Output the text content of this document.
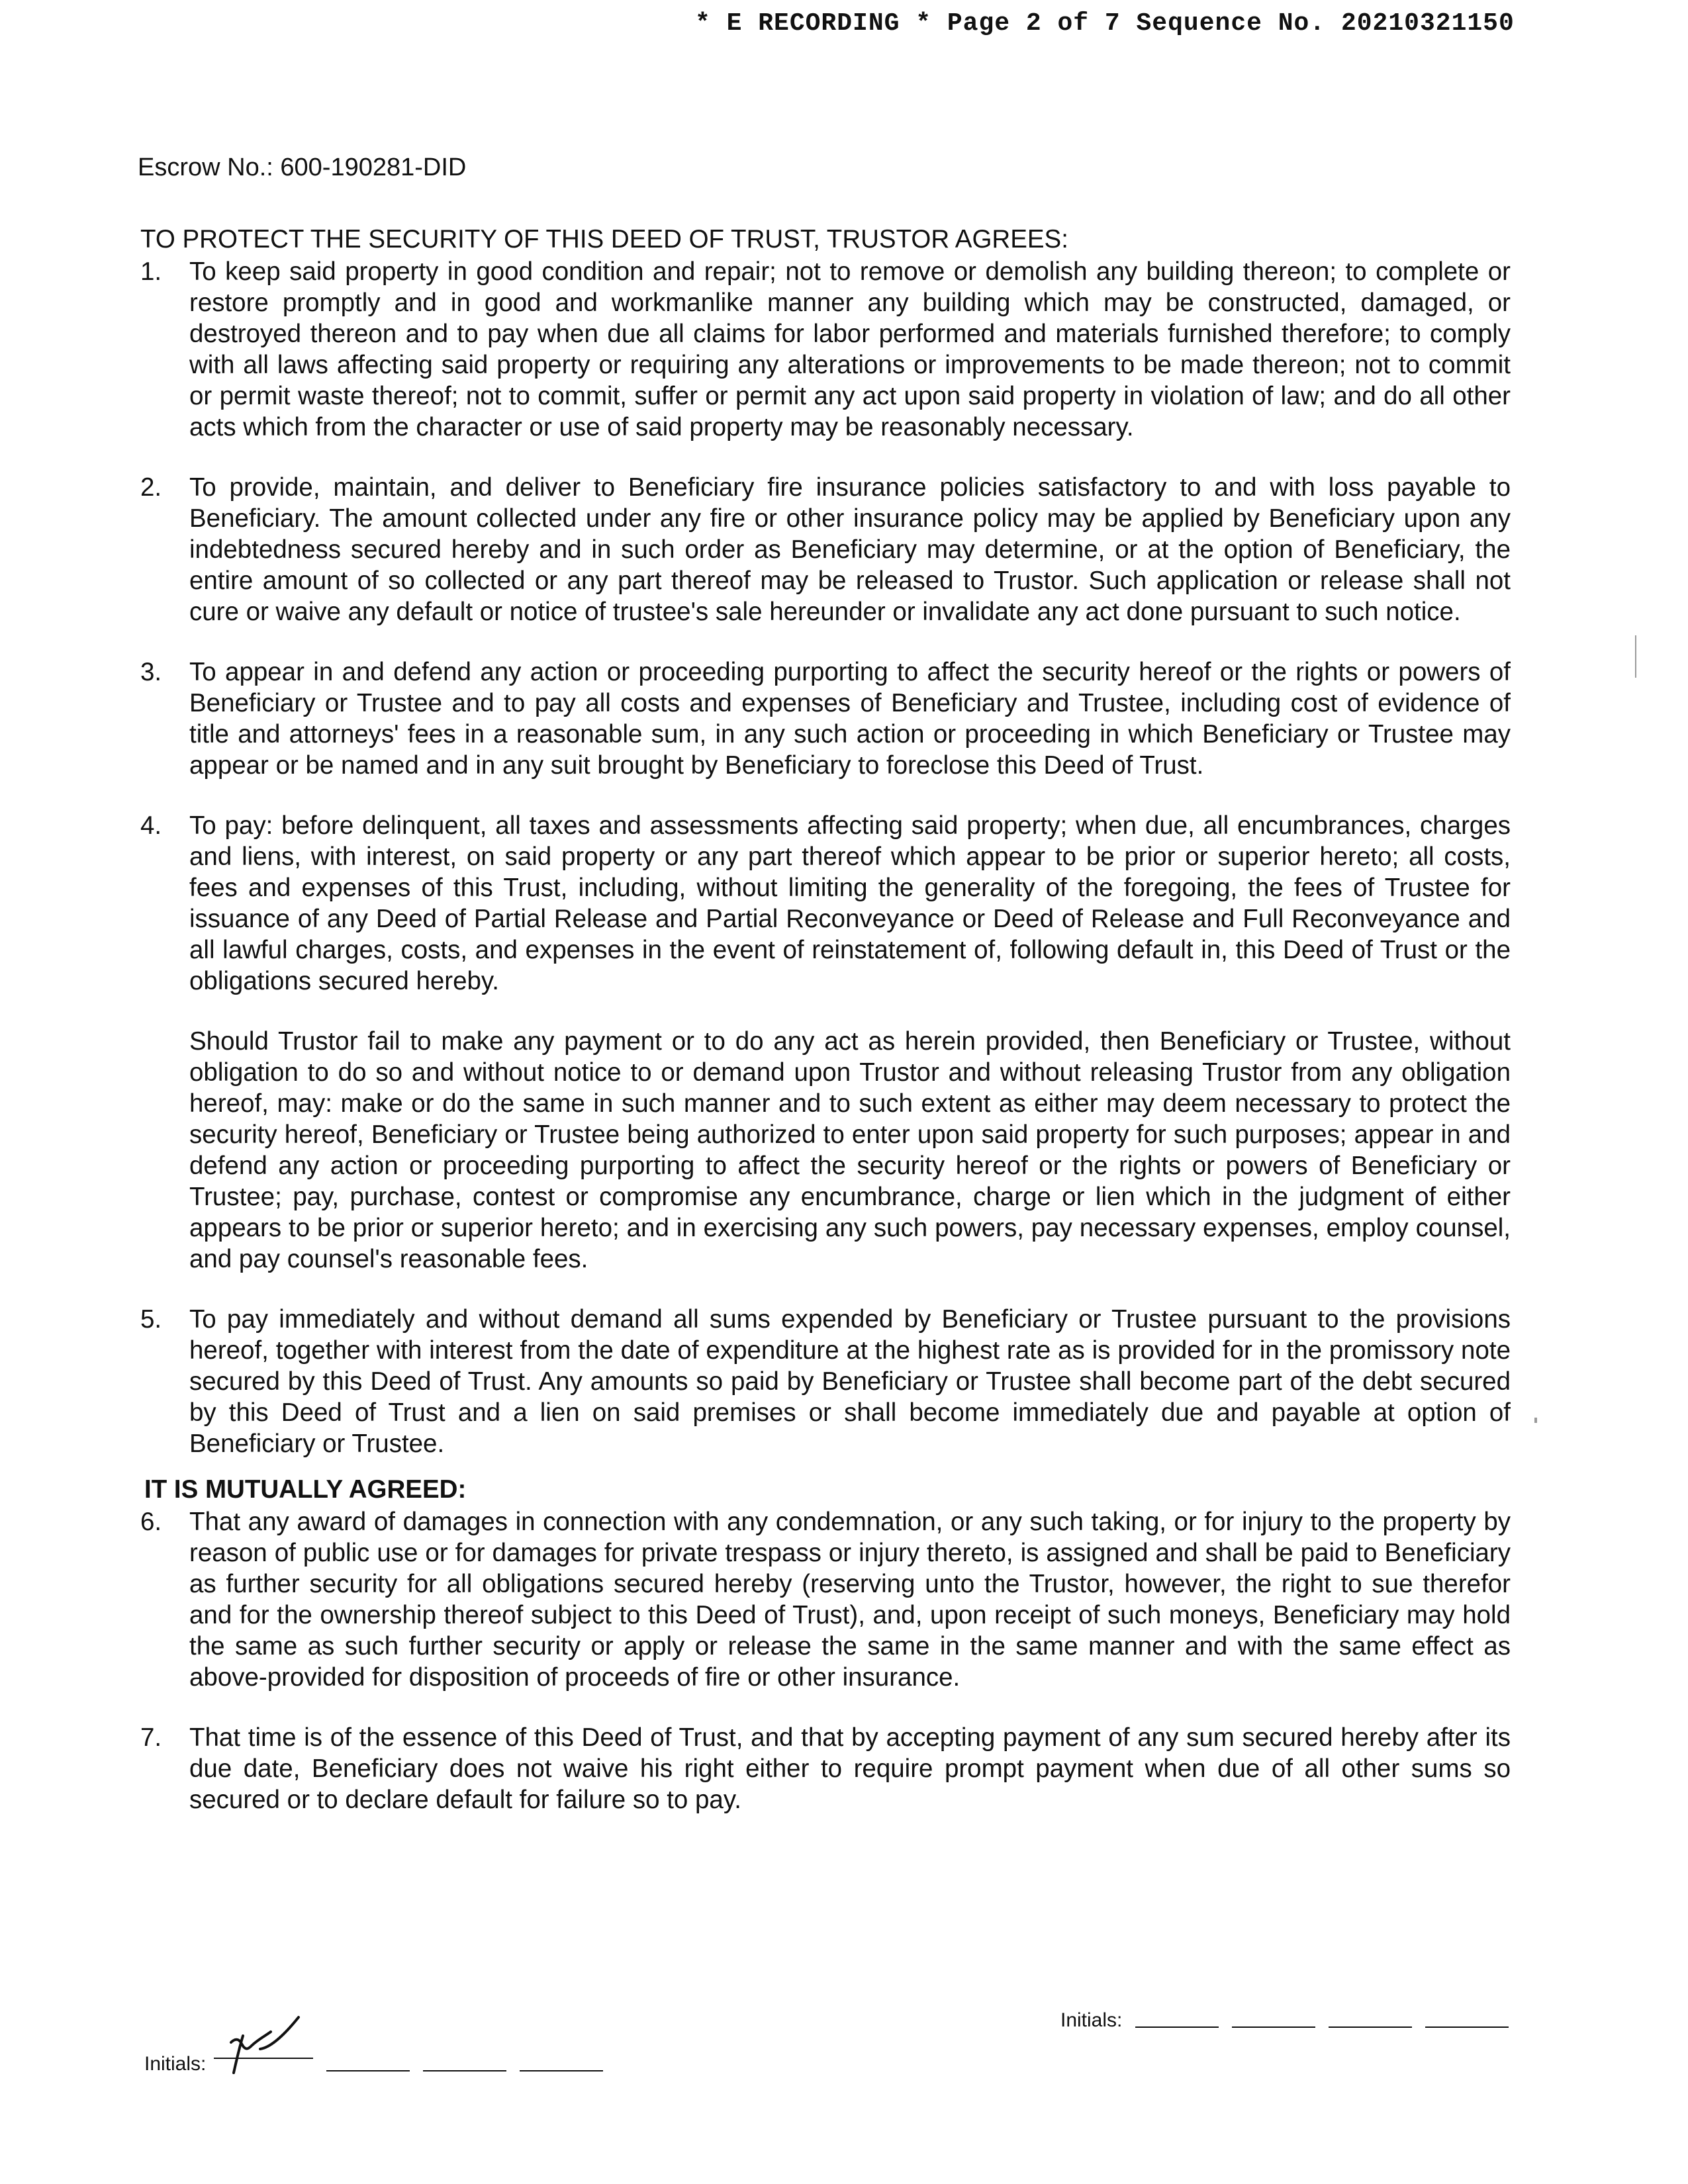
* E RECORDING * Page 2 of 7 Sequence No. 20210321150
Escrow No.: 600-190281-DID
TO PROTECT THE SECURITY OF THIS DEED OF TRUST, TRUSTOR AGREES:
1.	To keep said property in good condition and repair; not to remove or demolish any building thereon; to complete or restore promptly and in good and workmanlike manner any building which may be constructed, damaged, or destroyed thereon and to pay when due all claims for labor performed and materials furnished therefore; to comply with all laws affecting said property or requiring any alterations or improvements to be made thereon; not to commit or permit waste thereof; not to commit, suffer or permit any act upon said property in violation of law; and do all other acts which from the character or use of said property may be reasonably necessary.

2.	To provide, maintain, and deliver to Beneficiary fire insurance policies satisfactory to and with loss payable to Beneficiary. The amount collected under any fire or other insurance policy may be applied by Beneficiary upon any indebtedness secured hereby and in such order as Beneficiary may determine, or at the option of Beneficiary, the entire amount of so collected or any part thereof may be released to Trustor. Such application or release shall not cure or waive any default or notice of trustee's sale hereunder or invalidate any act done pursuant to such notice.

3.	To appear in and defend any action or proceeding purporting to affect the security hereof or the rights or powers of Beneficiary or Trustee and to pay all costs and expenses of Beneficiary and Trustee, including cost of evidence of title and attorneys' fees in a reasonable sum, in any such action or proceeding in which Beneficiary or Trustee may appear or be named and in any suit brought by Beneficiary to foreclose this Deed of Trust.

4.	To pay: before delinquent, all taxes and assessments affecting said property; when due, all encumbrances, charges and liens, with interest, on said property or any part thereof which appear to be prior or superior hereto; all costs, fees and expenses of this Trust, including, without limiting the generality of the foregoing, the fees of Trustee for issuance of any Deed of Partial Release and Partial Reconveyance or Deed of Release and Full Reconveyance and all lawful charges, costs, and expenses in the event of reinstatement of, following default in, this Deed of Trust or the obligations secured hereby.

Should Trustor fail to make any payment or to do any act as herein provided, then Beneficiary or Trustee, without obligation to do so and without notice to or demand upon Trustor and without releasing Trustor from any obligation hereof, may: make or do the same in such manner and to such extent as either may deem necessary to protect the security hereof, Beneficiary or Trustee being authorized to enter upon said property for such purposes; appear in and defend any action or proceeding purporting to affect the security hereof or the rights or powers of Beneficiary or Trustee; pay, purchase, contest or compromise any encumbrance, charge or lien which in the judgment of either appears to be prior or superior hereto; and in exercising any such powers, pay necessary expenses, employ counsel, and pay counsel's reasonable fees.

5.	To pay immediately and without demand all sums expended by Beneficiary or Trustee pursuant to the provisions hereof, together with interest from the date of expenditure at the highest rate as is provided for in the promissory note secured by this Deed of Trust. Any amounts so paid by Beneficiary or Trustee shall become part of the debt secured by this Deed of Trust and a lien on said premises or shall become immediately due and payable at option of Beneficiary or Trustee.

IT IS MUTUALLY AGREED:
6.	That any award of damages in connection with any condemnation, or any such taking, or for injury to the property by reason of public use or for damages for private trespass or injury thereto, is assigned and shall be paid to Beneficiary as further security for all obligations secured hereby (reserving unto the Trustor, however, the right to sue therefor and for the ownership thereof subject to this Deed of Trust), and, upon receipt of such moneys, Beneficiary may hold the same as such further security or apply or release the same in the same manner and with the same effect as above-provided for disposition of proceeds of fire or other insurance.

7.	That time is of the essence of this Deed of Trust, and that by accepting payment of any sum secured hereby after its due date, Beneficiary does not waive his right either to require prompt payment when due of all other sums so secured or to declare default for failure so to pay.

Initials:
Initials:
